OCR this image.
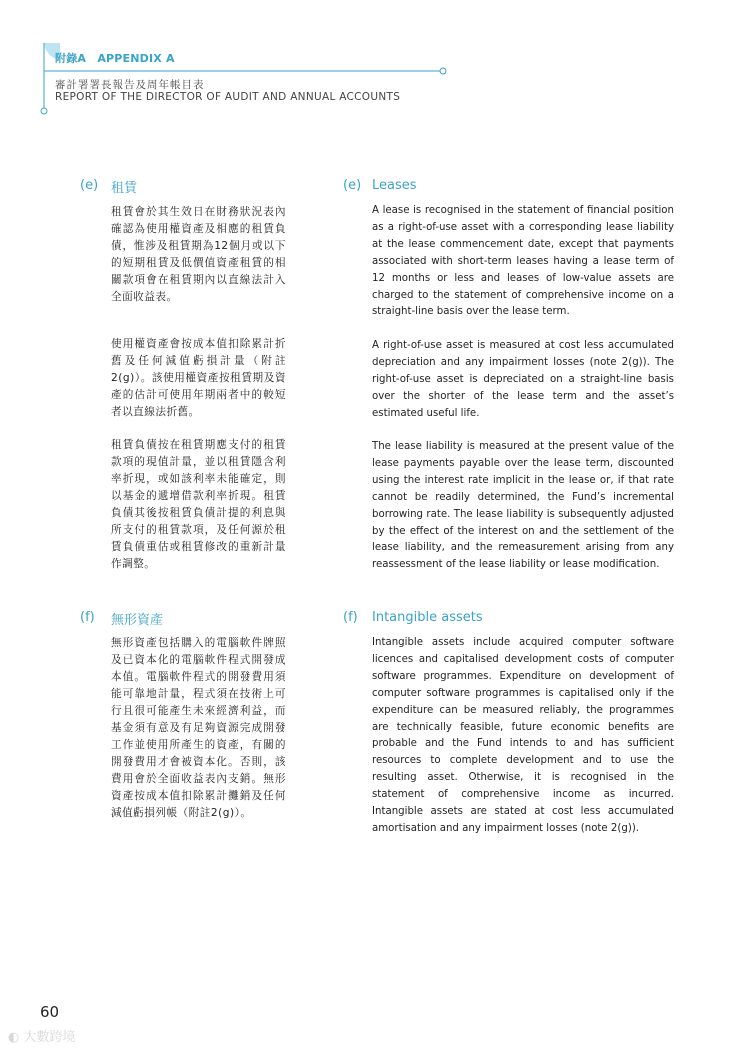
附錄A　APPENDIX A
審計署署長報告及周年帳目表
REPORT OF THE DIRECTOR OF AUDIT AND ANNUAL ACCOUNTS
(e) 租賃	(e) Leases

租賃會於其生效日在財務狀況表內確認為使用權資產及相應的租賃負債，惟涉及租賃期為12個月或以下的短期租賃及低價值資產租賃的相關款項會在租賃期內以直線法計入全面收益表。

A lease is recognised in the statement of financial position as a right-of-use asset with a corresponding lease liability at the lease commencement date, except that payments associated with short-term leases having a lease term of 12 months or less and leases of low-value assets are charged to the statement of comprehensive income on a straight-line basis over the lease term.

使用權資產會按成本值扣除累計折舊及任何減值虧損計量（附註2(g)）。該使用權資產按租賃期及資產的估計可使用年期兩者中的較短者以直線法折舊。

A right-of-use asset is measured at cost less accumulated depreciation and any impairment losses (note 2(g)). The right-of-use asset is depreciated on a straight-line basis over the shorter of the lease term and the asset’s estimated useful life.

租賃負債按在租賃期應支付的租賃款項的現值計量，並以租賃隱含利率折現，或如該利率未能確定，則以基金的遞增借款利率折現。租賃負債其後按租賃負債計提的利息與所支付的租賃款項，及任何源於租賃負債重估或租賃修改的重新計量作調整。

The lease liability is measured at the present value of the lease payments payable over the lease term, discounted using the interest rate implicit in the lease or, if that rate cannot be readily determined, the Fund’s incremental borrowing rate. The lease liability is subsequently adjusted by the effect of the interest on and the settlement of the lease liability, and the remeasurement arising from any reassessment of the lease liability or lease modification.

(f) 無形資產	(f) Intangible assets

無形資產包括購入的電腦軟件牌照及已資本化的電腦軟件程式開發成本值。電腦軟件程式的開發費用須能可靠地計量，程式須在技術上可行且很可能產生未來經濟利益，而基金須有意及有足夠資源完成開發工作並使用所產生的資產，有關的開發費用才會被資本化。否則，該費用會於全面收益表內支銷。無形資產按成本值扣除累計攤銷及任何減值虧損列帳（附註2(g)）。

Intangible assets include acquired computer software licences and capitalised development costs of computer software programmes. Expenditure on development of computer software programmes is capitalised only if the expenditure can be measured reliably, the programmes are technically feasible, future economic benefits are probable and the Fund intends to and has sufficient resources to complete development and to use the resulting asset. Otherwise, it is recognised in the statement of comprehensive income as incurred. Intangible assets are stated at cost less accumulated amortisation and any impairment losses (note 2(g)).

60
◐ 大數跨境
